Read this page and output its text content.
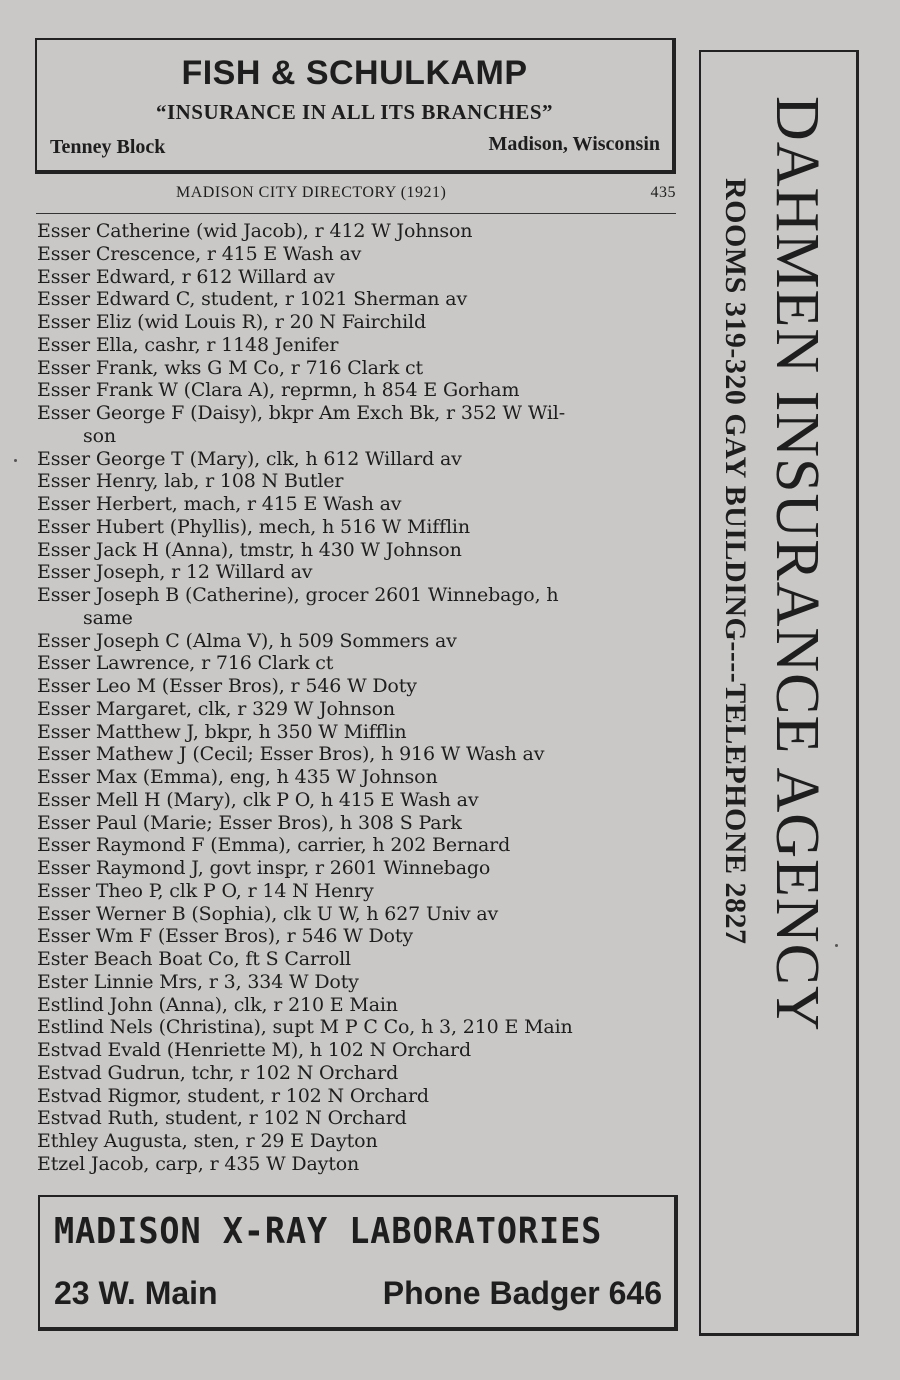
FISH & SCHULKAMP
“INSURANCE IN ALL ITS BRANCHES”
Tenney Block	Madison, Wisconsin
MADISON CITY DIRECTORY (1921)	435
Esser Catherine (wid Jacob), r 412 W Johnson
Esser Crescence, r 415 E Wash av
Esser Edward, r 612 Willard av
Esser Edward C, student, r 1021 Sherman av
Esser Eliz (wid Louis R), r 20 N Fairchild
Esser Ella, cashr, r 1148 Jenifer
Esser Frank, wks G M Co, r 716 Clark ct
Esser Frank W (Clara A), reprmn, h 854 E Gorham
Esser George F (Daisy), bkpr Am Exch Bk, r 352 W Wil-
son
Esser George T (Mary), clk, h 612 Willard av
Esser Henry, lab, r 108 N Butler
Esser Herbert, mach, r 415 E Wash av
Esser Hubert (Phyllis), mech, h 516 W Mifflin
Esser Jack H (Anna), tmstr, h 430 W Johnson
Esser Joseph, r 12 Willard av
Esser Joseph B (Catherine), grocer 2601 Winnebago, h
same
Esser Joseph C (Alma V), h 509 Sommers av
Esser Lawrence, r 716 Clark ct
Esser Leo M (Esser Bros), r 546 W Doty
Esser Margaret, clk, r 329 W Johnson
Esser Matthew J, bkpr, h 350 W Mifflin
Esser Mathew J (Cecil; Esser Bros), h 916 W Wash av
Esser Max (Emma), eng, h 435 W Johnson
Esser Mell H (Mary), clk P O, h 415 E Wash av
Esser Paul (Marie; Esser Bros), h 308 S Park
Esser Raymond F (Emma), carrier, h 202 Bernard
Esser Raymond J, govt inspr, r 2601 Winnebago
Esser Theo P, clk P O, r 14 N Henry
Esser Werner B (Sophia), clk U W, h 627 Univ av
Esser Wm F (Esser Bros), r 546 W Doty
Ester Beach Boat Co, ft S Carroll
Ester Linnie Mrs, r 3, 334 W Doty
Estlind John (Anna), clk, r 210 E Main
Estlind Nels (Christina), supt M P C Co, h 3, 210 E Main
Estvad Evald (Henriette M), h 102 N Orchard
Estvad Gudrun, tchr, r 102 N Orchard
Estvad Rigmor, student, r 102 N Orchard
Estvad Ruth, student, r 102 N Orchard
Ethley Augusta, sten, r 29 E Dayton
Etzel Jacob, carp, r 435 W Dayton
MADISON X-RAY LABORATORIES
23 W. Main	Phone Badger 646
DAHMEN INSURANCE AGENCY
ROOMS 319-320 GAY BUILDING----TELEPHONE 2827
